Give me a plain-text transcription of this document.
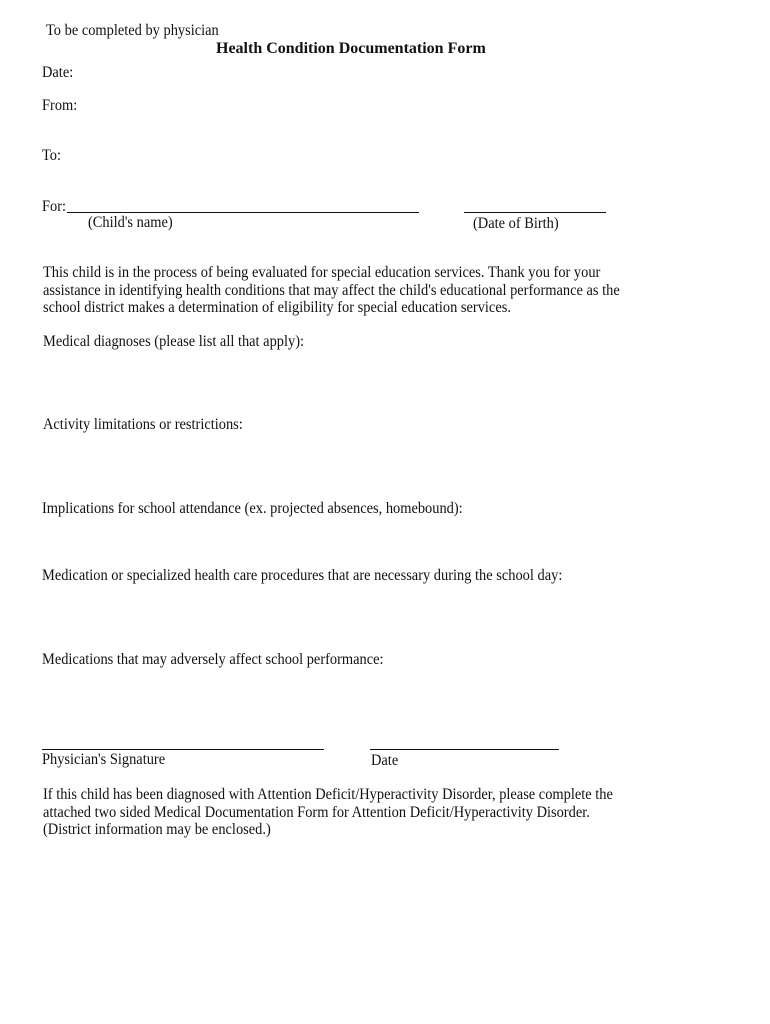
To be completed by physician
Health Condition Documentation Form
Date:
From:
To:
For:
(Child's name)	(Date of Birth)
This child is in the process of being evaluated for special education services. Thank you for your
assistance in identifying health conditions that may affect the child's educational performance as the
school district makes a determination of eligibility for special education services.
Medical diagnoses (please list all that apply):
Activity limitations or restrictions:
Implications for school attendance (ex. projected absences, homebound):
Medication or specialized health care procedures that are necessary during the school day:
Medications that may adversely affect school performance:
Physician's Signature	Date
If this child has been diagnosed with Attention Deficit/Hyperactivity Disorder, please complete the
attached two sided Medical Documentation Form for Attention Deficit/Hyperactivity Disorder.
(District information may be enclosed.)
